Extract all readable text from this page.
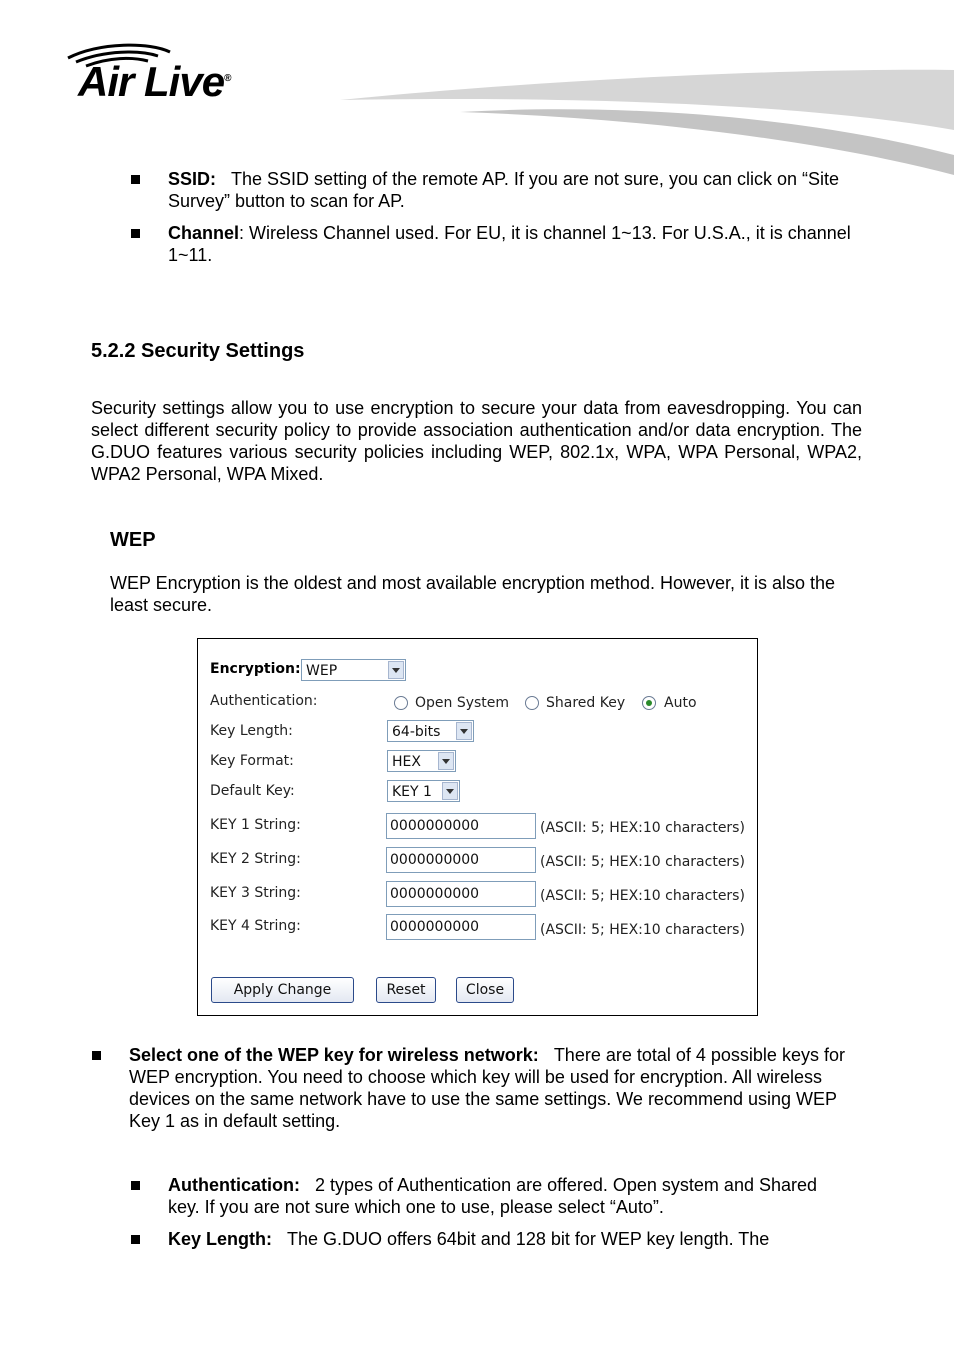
Air Live®

SSID: The SSID setting of the remote AP. If you are not sure, you can click on “Site Survey” button to scan for AP.

Channel: Wireless Channel used. For EU, it is channel 1~13. For U.S.A., it is channel 1~11.

5.2.2 Security Settings

Security settings allow you to use encryption to secure your data from eavesdropping. You can select different security policy to provide association authentication and/or data encryption. The G.DUO features various security policies including WEP, 802.1x, WPA, WPA Personal, WPA2, WPA2 Personal, WPA Mixed.

WEP

WEP Encryption is the oldest and most available encryption method. However, it is also the least secure.

Encryption: WEP
Authentication:	Open System	Shared Key	Auto
Key Length:	64-bits
Key Format:	HEX
Default Key:	KEY 1
KEY 1 String:	0000000000	(ASCII: 5; HEX:10 characters)
KEY 2 String:	0000000000	(ASCII: 5; HEX:10 characters)
KEY 3 String:	0000000000	(ASCII: 5; HEX:10 characters)
KEY 4 String:	0000000000	(ASCII: 5; HEX:10 characters)
Apply Change	Reset	Close

Select one of the WEP key for wireless network: There are total of 4 possible keys for WEP encryption. You need to choose which key will be used for encryption. All wireless devices on the same network have to use the same settings. We recommend using WEP Key 1 as in default setting.

Authentication: 2 types of Authentication are offered. Open system and Shared key. If you are not sure which one to use, please select “Auto”.

Key Length: The G.DUO offers 64bit and 128 bit for WEP key length. The
